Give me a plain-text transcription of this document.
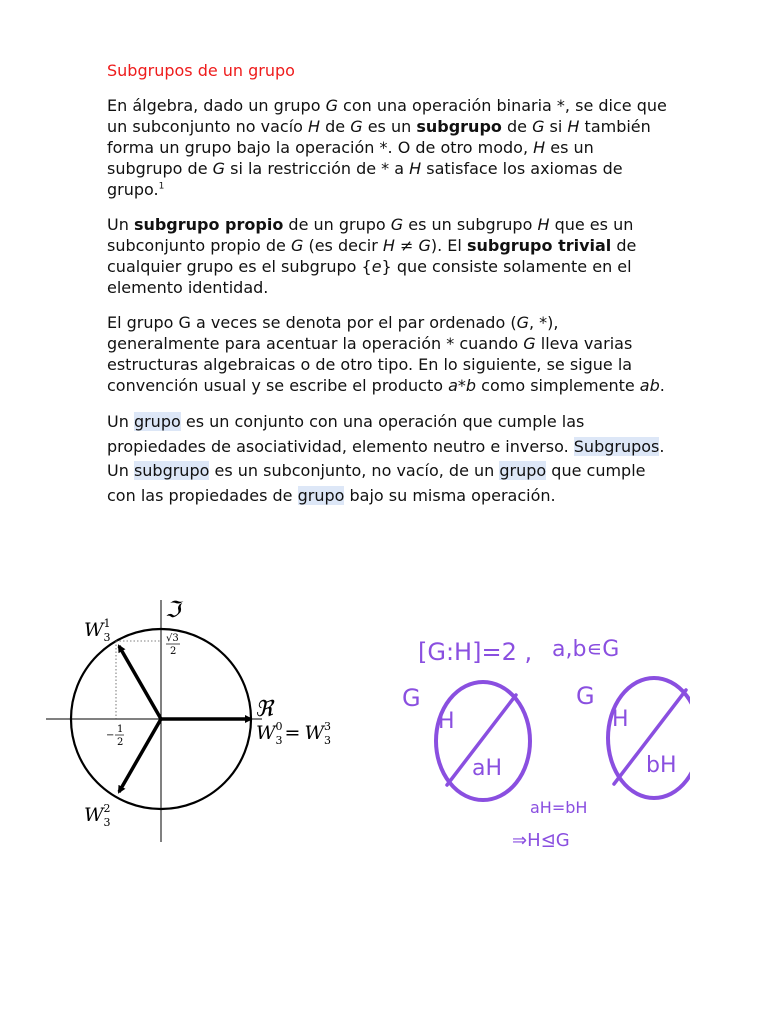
Subgrupos de un grupo

En álgebra, dado un grupo G con una operación binaria *, se dice que un subconjunto no vacío H de G es un subgrupo de G si H también forma un grupo bajo la operación *. O de otro modo, H es un subgrupo de G si la restricción de * a H satisface los axiomas de grupo.$^1$

Un subgrupo propio de un grupo G es un subgrupo H que es un subconjunto propio de G (es decir H ≠ G). El subgrupo trivial de cualquier grupo es el subgrupo {e} que consiste solamente en el elemento identidad.

El grupo G a veces se denota por el par ordenado (G, *), generalmente para acentuar la operación * cuando G lleva varias estructuras algebraicas o de otro tipo. En lo siguiente, se sigue la convención usual y se escribe el producto a*b como simplemente ab.

Un grupo es un conjunto con una operación que cumple las propiedades de asociatividad, elemento neutro e inverso. Subgrupos. Un subgrupo es un subconjunto, no vacío, de un grupo que cumple con las propiedades de grupo bajo su misma operación.

ℑ
ℜ
$W_31$
$W_30 = W_33$
$W_32$
√3
2
−
1
2
[G:H]=2 , a,b∊G
G
H
aH
G
H
bH
aH=bH
⇒H⊴G
